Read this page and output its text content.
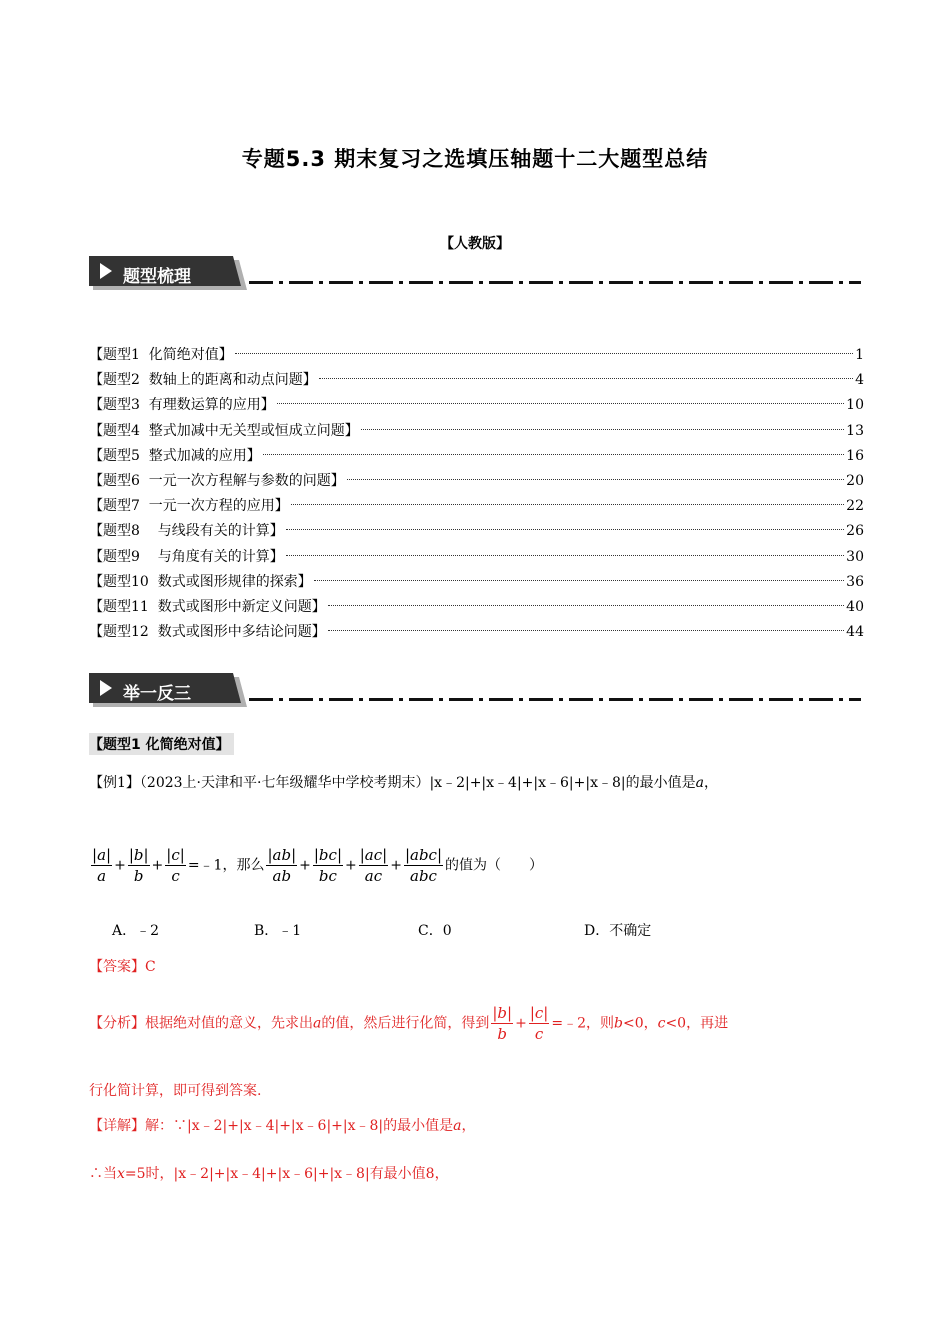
专题5.3 期末复习之选填压轴题十二大题型总结
【人教版】
题型梳理
【题型1  化简绝对值】	1
【题型2  数轴上的距离和动点问题】	4
【题型3  有理数运算的应用】	10
【题型4  整式加减中无关型或恒成立问题】	13
【题型5  整式加减的应用】	16
【题型6  一元一次方程解与参数的问题】	20
【题型7  一元一次方程的应用】	22
【题型8    与线段有关的计算】	26
【题型9    与角度有关的计算】	30
【题型10  数式或图形规律的探索】	36
【题型11  数式或图形中新定义问题】	40
【题型12  数式或图形中多结论问题】	44
举一反三
【题型1 化简绝对值】
【例1】（2023上·天津和平·七年级耀华中学校考期末）|x﹣2|+|x﹣4|+|x﹣6|+|x﹣8|的最小值是a，
$\frac{|a|}{a} + \frac{|b|}{b} + \frac{|c|}{c}$ =﹣1，那么 $\frac{|ab|}{ab} + \frac{|bc|}{bc} + \frac{|ac|}{ac} + \frac{\text{|abc|}}{\text{abc}}$ 的值为（　　）
A．﹣2	B．﹣1	C．0	D．不确定
【答案】C
【分析】根据绝对值的意义，先求出a的值，然后进行化简，得到 $\frac{|b|}{b} + \frac{|c|}{c}$ =﹣2，则b<0，c<0，再进
行化简计算，即可得到答案.
【详解】解：∵|x﹣2|+|x﹣4|+|x﹣6|+|x﹣8|的最小值是a，
∴当x=5时，|x﹣2|+|x﹣4|+|x﹣6|+|x﹣8|有最小值8，
